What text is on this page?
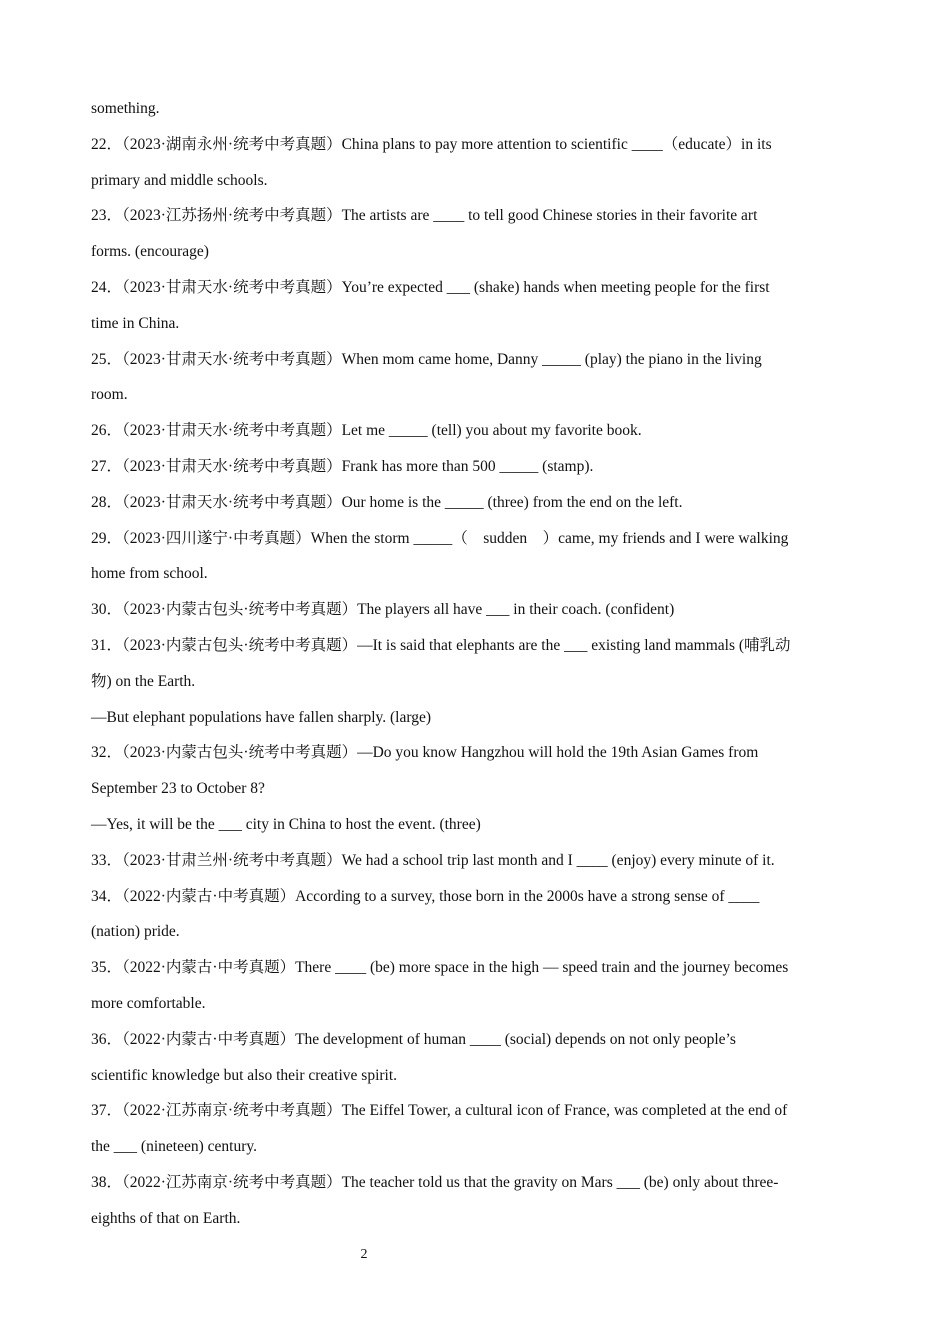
something.
22．（2023·湖南永州·统考中考真题）China plans to pay more attention to scientific ____（educate）in its
primary and middle schools.
23．（2023·江苏扬州·统考中考真题）The artists are ____ to tell good Chinese stories in their favorite art
forms. (encourage)
24．（2023·甘肃天水·统考中考真题）You’re expected ___ (shake) hands when meeting people for the first
time in China.
25．（2023·甘肃天水·统考中考真题）When mom came home, Danny _____ (play) the piano in the living
room.
26．（2023·甘肃天水·统考中考真题）Let me _____ (tell) you about my favorite book.
27．（2023·甘肃天水·统考中考真题）Frank has more than 500 _____ (stamp).
28．（2023·甘肃天水·统考中考真题）Our home is the _____ (three) from the end on the left.
29．（2023·四川遂宁·中考真题）When the storm _____（　sudden　）came, my friends and I were walking
home from school.
30．（2023·内蒙古包头·统考中考真题）The players all have ___ in their coach. (confident)
31．（2023·内蒙古包头·统考中考真题）—It is said that elephants are the ___ existing land mammals (哺乳动
物) on the Earth.
—But elephant populations have fallen sharply. (large)
32．（2023·内蒙古包头·统考中考真题）—Do you know Hangzhou will hold the 19th Asian Games from
September 23 to October 8?
—Yes, it will be the ___ city in China to host the event. (three)
33．（2023·甘肃兰州·统考中考真题）We had a school trip last month and I ____ (enjoy) every minute of it.
34．（2022·内蒙古·中考真题）According to a survey, those born in the 2000s have a strong sense of ____
(nation) pride.
35．（2022·内蒙古·中考真题）There ____ (be) more space in the high — speed train and the journey becomes
more comfortable.
36．（2022·内蒙古·中考真题）The development of human ____ (social) depends on not only people’s
scientific knowledge but also their creative spirit.
37．（2022·江苏南京·统考中考真题）The Eiffel Tower, a cultural icon of France, was completed at the end of
the ___ (nineteen) century.
38．（2022·江苏南京·统考中考真题）The teacher told us that the gravity on Mars ___ (be) only about three-
eighths of that on Earth.
2
